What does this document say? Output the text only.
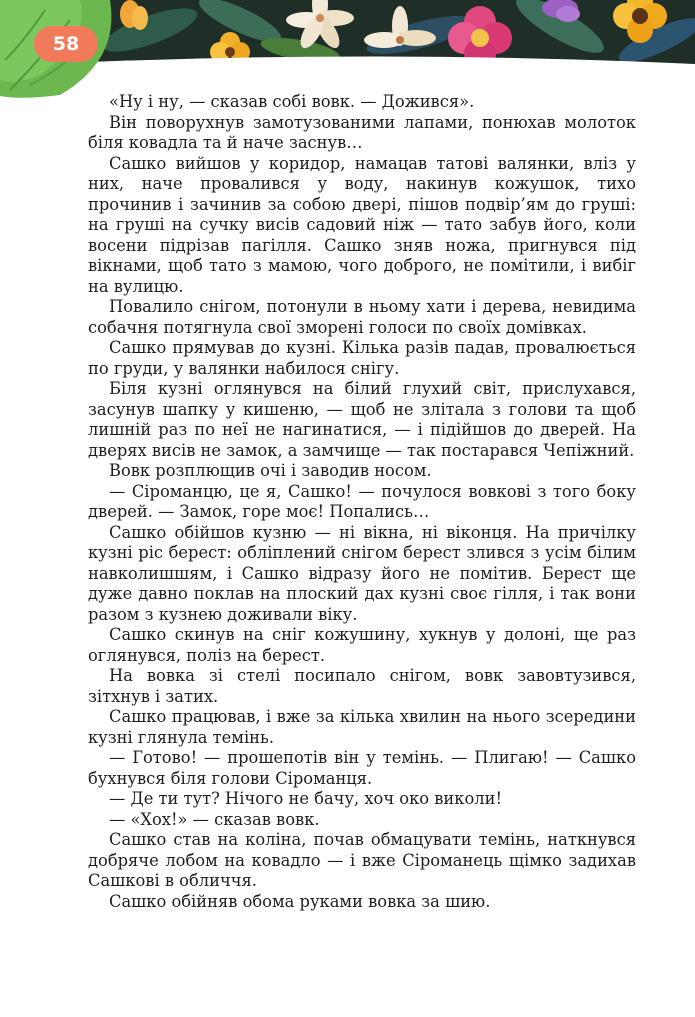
58

«Ну і ну, — сказав собі вовк. — Дожився».

Він поворухнув замотузованими лапами, понюхав молоток біля ковадла та й наче заснув…

Сашко вийшов у коридор, намацав татові валянки, вліз у них, наче провалився у воду, накинув кожушок, тихо прочинив і зачинив за собою двері, пішов подвір’ям до груші: на груші на сучку висів садовий ніж — тато забув його, коли восени підрізав пагілля. Сашко зняв ножа, пригнувся під вікнами, щоб тато з мамою, чого доброго, не помітили, і вибіг на вулицю.

Повалило снігом, потонули в ньому хати і дерева, невидима собачня потягнула свої зморені голоси по своїх домівках.

Сашко прямував до кузні. Кілька разів падав, провалюється по груди, у валянки набилося снігу.

Біля кузні оглянувся на білий глухий світ, прислухався, засунув шапку у кишеню, — щоб не злітала з голови та щоб лишній раз по неї не нагинатися, — і підійшов до дверей. На дверях висів не замок, а замчище — так постарався Чепіжний.

Вовк розплющив очі і заводив носом.

— Сіроманцю, це я, Сашко! — почулося вовкові з того боку дверей. — Замок, горе моє! Попались…

Сашко обійшов кузню — ні вікна, ні віконця. На причілку кузні ріс берест: обліплений снігом берест злився з усім білим навколишшям, і Сашко відразу його не помітив. Берест ще дуже давно поклав на плоский дах кузні своє гілля, і так вони разом з кузнею доживали віку.

Сашко скинув на сніг кожушину, хукнув у долоні, ще раз оглянувся, поліз на берест.

На вовка зі стелі посипало снігом, вовк завовтузився, зітхнув і затих.

Сашко працював, і вже за кілька хвилин на нього зсередини кузні глянула темінь.

— Готово! — прошепотів він у темінь. — Плигаю! — Сашко бухнувся біля голови Сіроманця.

— Де ти тут? Нічого не бачу, хоч око виколи!

— «Хох!» — сказав вовк.

Сашко став на коліна, почав обмацувати темінь, наткнувся добряче лобом на ковадло — і вже Сіроманець щімко задихав Сашкові в обличчя.

Сашко обійняв обома руками вовка за шию.
